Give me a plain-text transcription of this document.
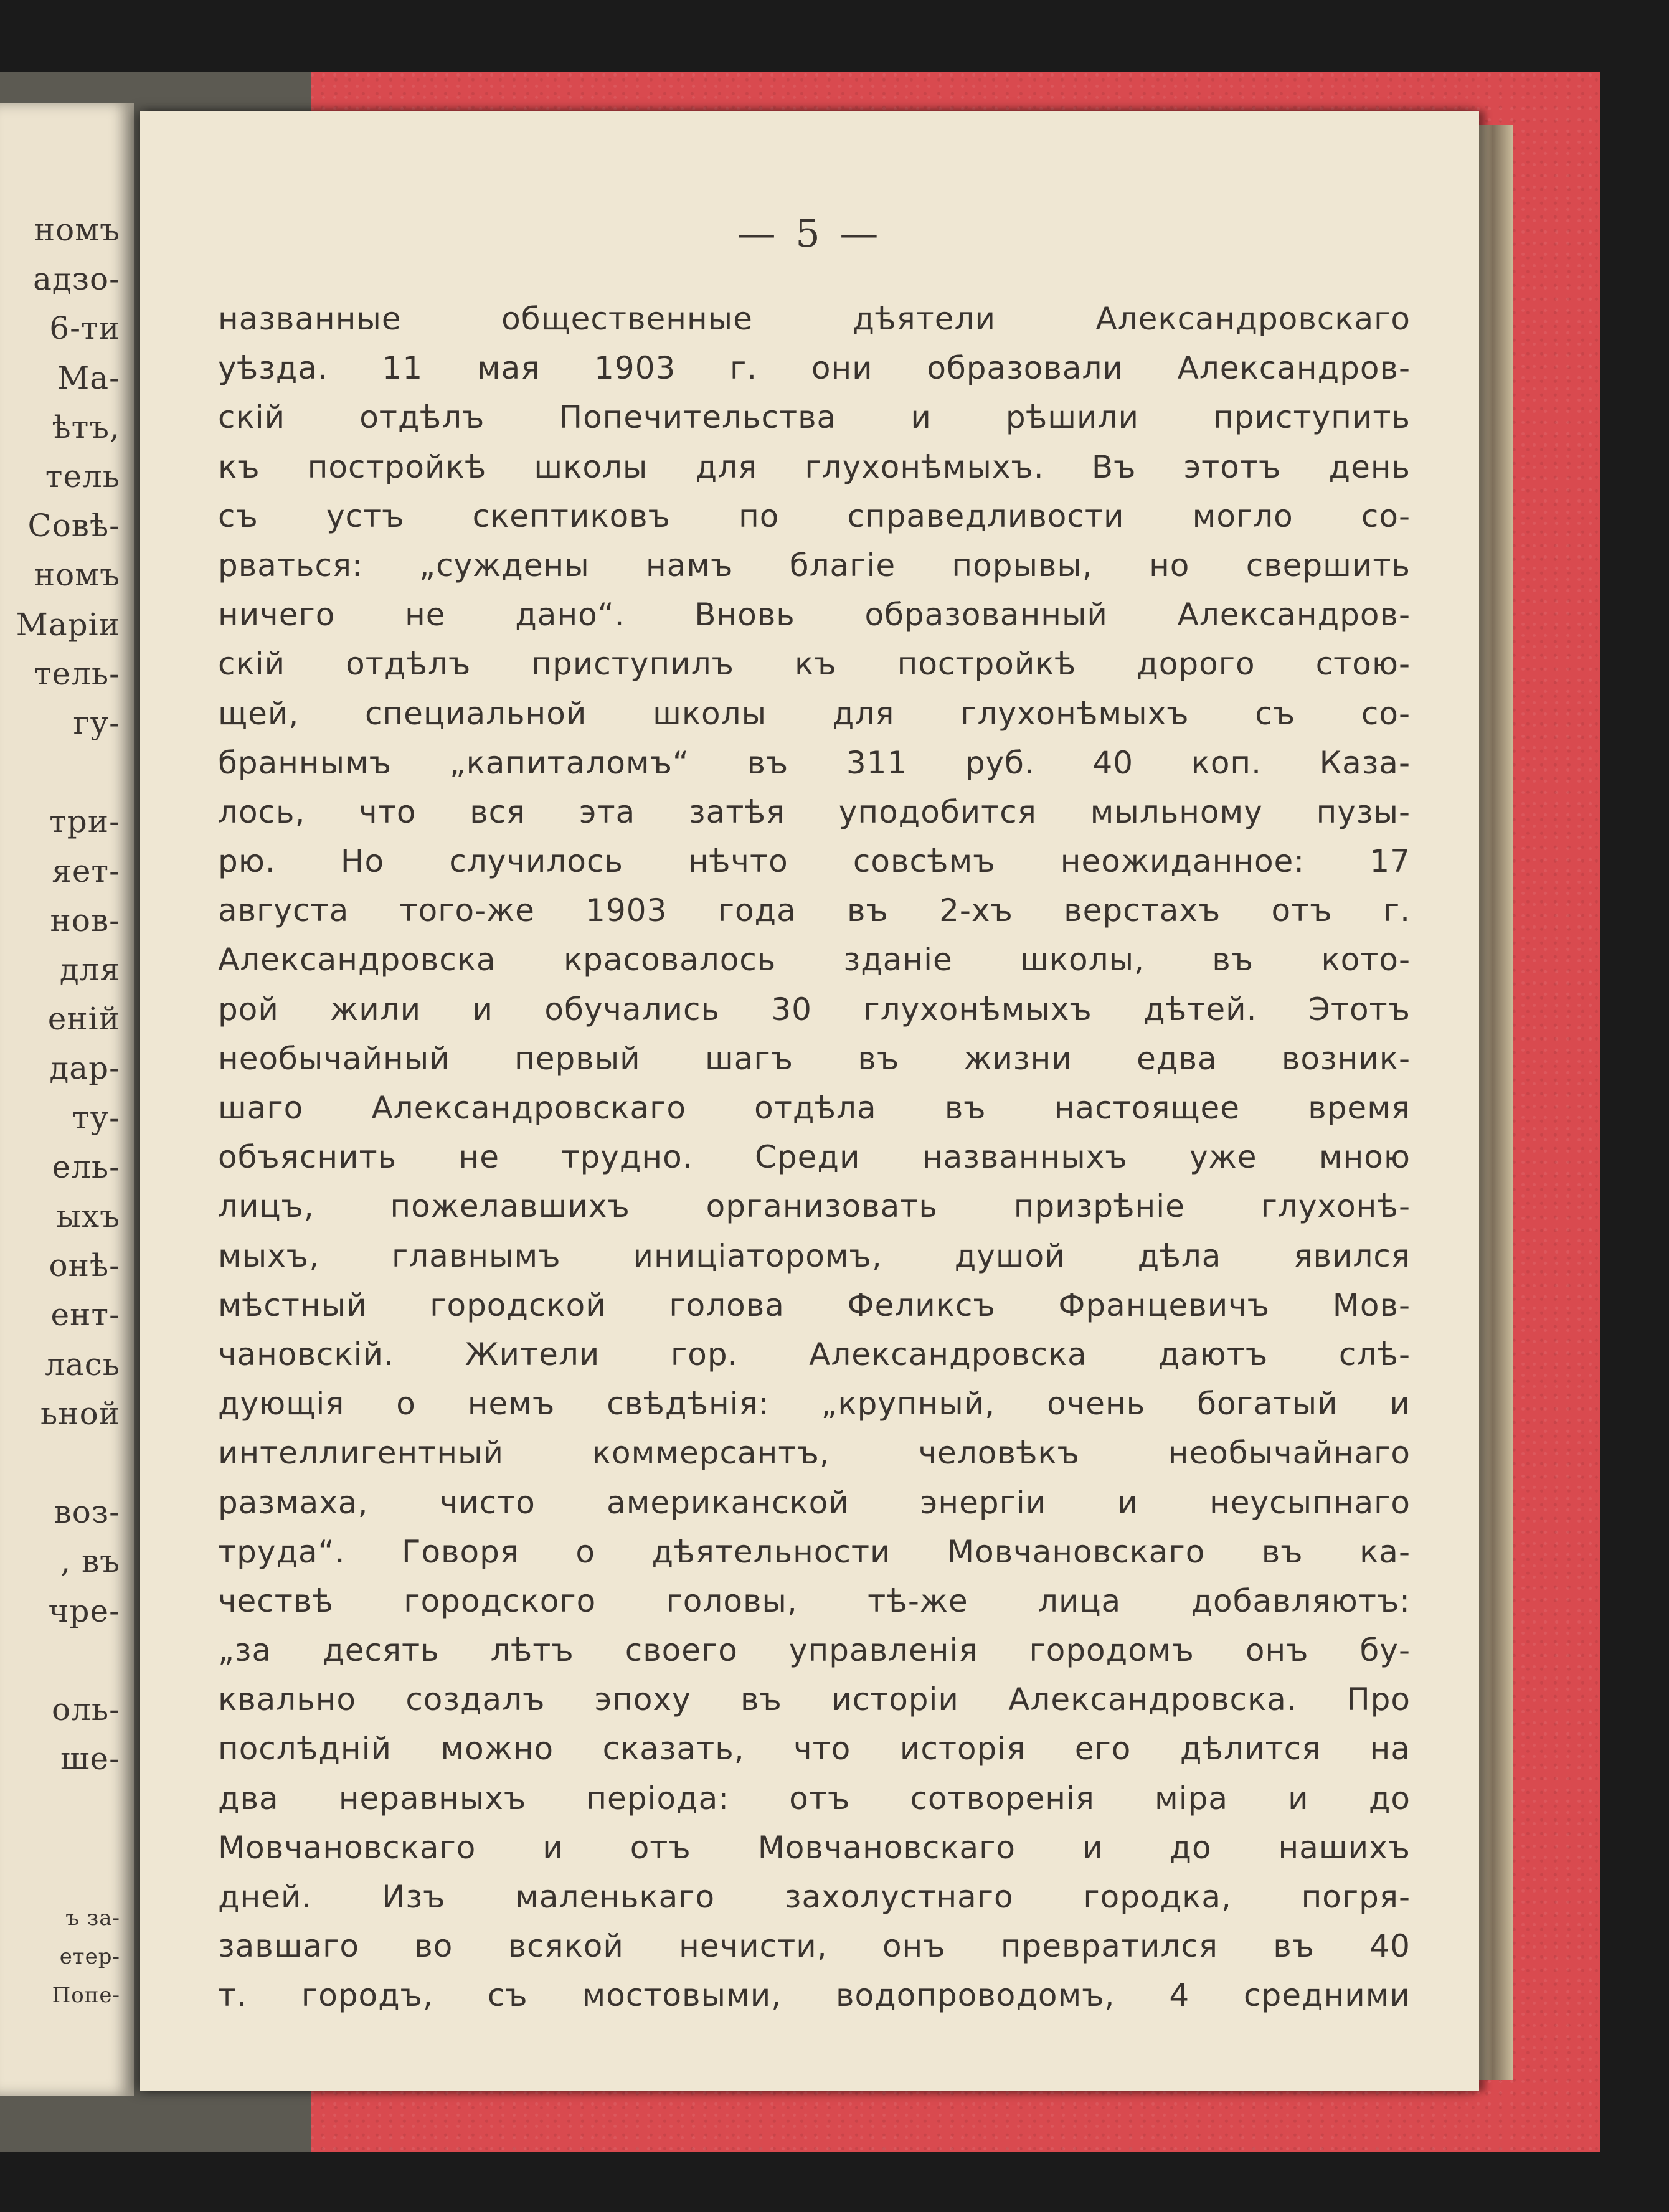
номъ
адзо-
6-ти
Ма-
ѣтъ,
тель
Совѣ-
номъ
Маріи
тель-
гу-
три-
яет-
нов-
для
еній
дар-
ту-
ель-
ыхъ
онѣ-
ент-
лась
ьной
воз-
, въ
чре-
оль-
ше-
ъ за-
етер-
Попе-
— 5 —
названные общественные дѣятели Александровскаго
уѣзда. 11 мая 1903 г. они образовали Александров-
скій отдѣлъ Попечительства и рѣшили приступить
къ постройкѣ школы для глухонѣмыхъ. Въ этотъ день
съ устъ скептиковъ по справедливости могло со-
рваться: „суждены намъ благіе порывы, но свершить
ничего не дано“. Вновь образованный Александров-
скій отдѣлъ приступилъ къ постройкѣ дорого стою-
щей, специальной школы для глухонѣмыхъ съ со-
браннымъ „капиталомъ“ въ 311 руб. 40 коп. Каза-
лось, что вся эта затѣя уподобится мыльному пузы-
рю. Но случилось нѣчто совсѣмъ неожиданное: 17
августа того-же 1903 года въ 2-хъ верстахъ отъ г.
Александровска красовалось зданіе школы, въ кото-
рой жили и обучались 30 глухонѣмыхъ дѣтей. Этотъ
необычайный первый шагъ въ жизни едва возник-
шаго Александровскаго отдѣла въ настоящее время
объяснить не трудно. Среди названныхъ уже мною
лицъ, пожелавшихъ организовать призрѣніе глухонѣ-
мыхъ, главнымъ иниціаторомъ, душой дѣла явился
мѣстный городской голова Феликсъ Францевичъ Мов-
чановскій. Жители гор. Александровска даютъ слѣ-
дующія о немъ свѣдѣнія: „крупный, очень богатый и
интеллигентный коммерсантъ, человѣкъ необычайнаго
размаха, чисто американской энергіи и неусыпнаго
труда“. Говоря о дѣятельности Мовчановскаго въ ка-
чествѣ городского головы, тѣ-же лица добавляютъ:
„за десять лѣтъ своего управленія городомъ онъ бу-
квально создалъ эпоху въ исторіи Александровска. Про
послѣдній можно сказать, что исторія его дѣлится на
два неравныхъ періода: отъ сотворенія міра и до
Мовчановскаго и отъ Мовчановскаго и до нашихъ
дней. Изъ маленькаго захолустнаго городка, погря-
завшаго во всякой нечисти, онъ превратился въ 40
т. городъ, съ мостовыми, водопроводомъ, 4 средними
